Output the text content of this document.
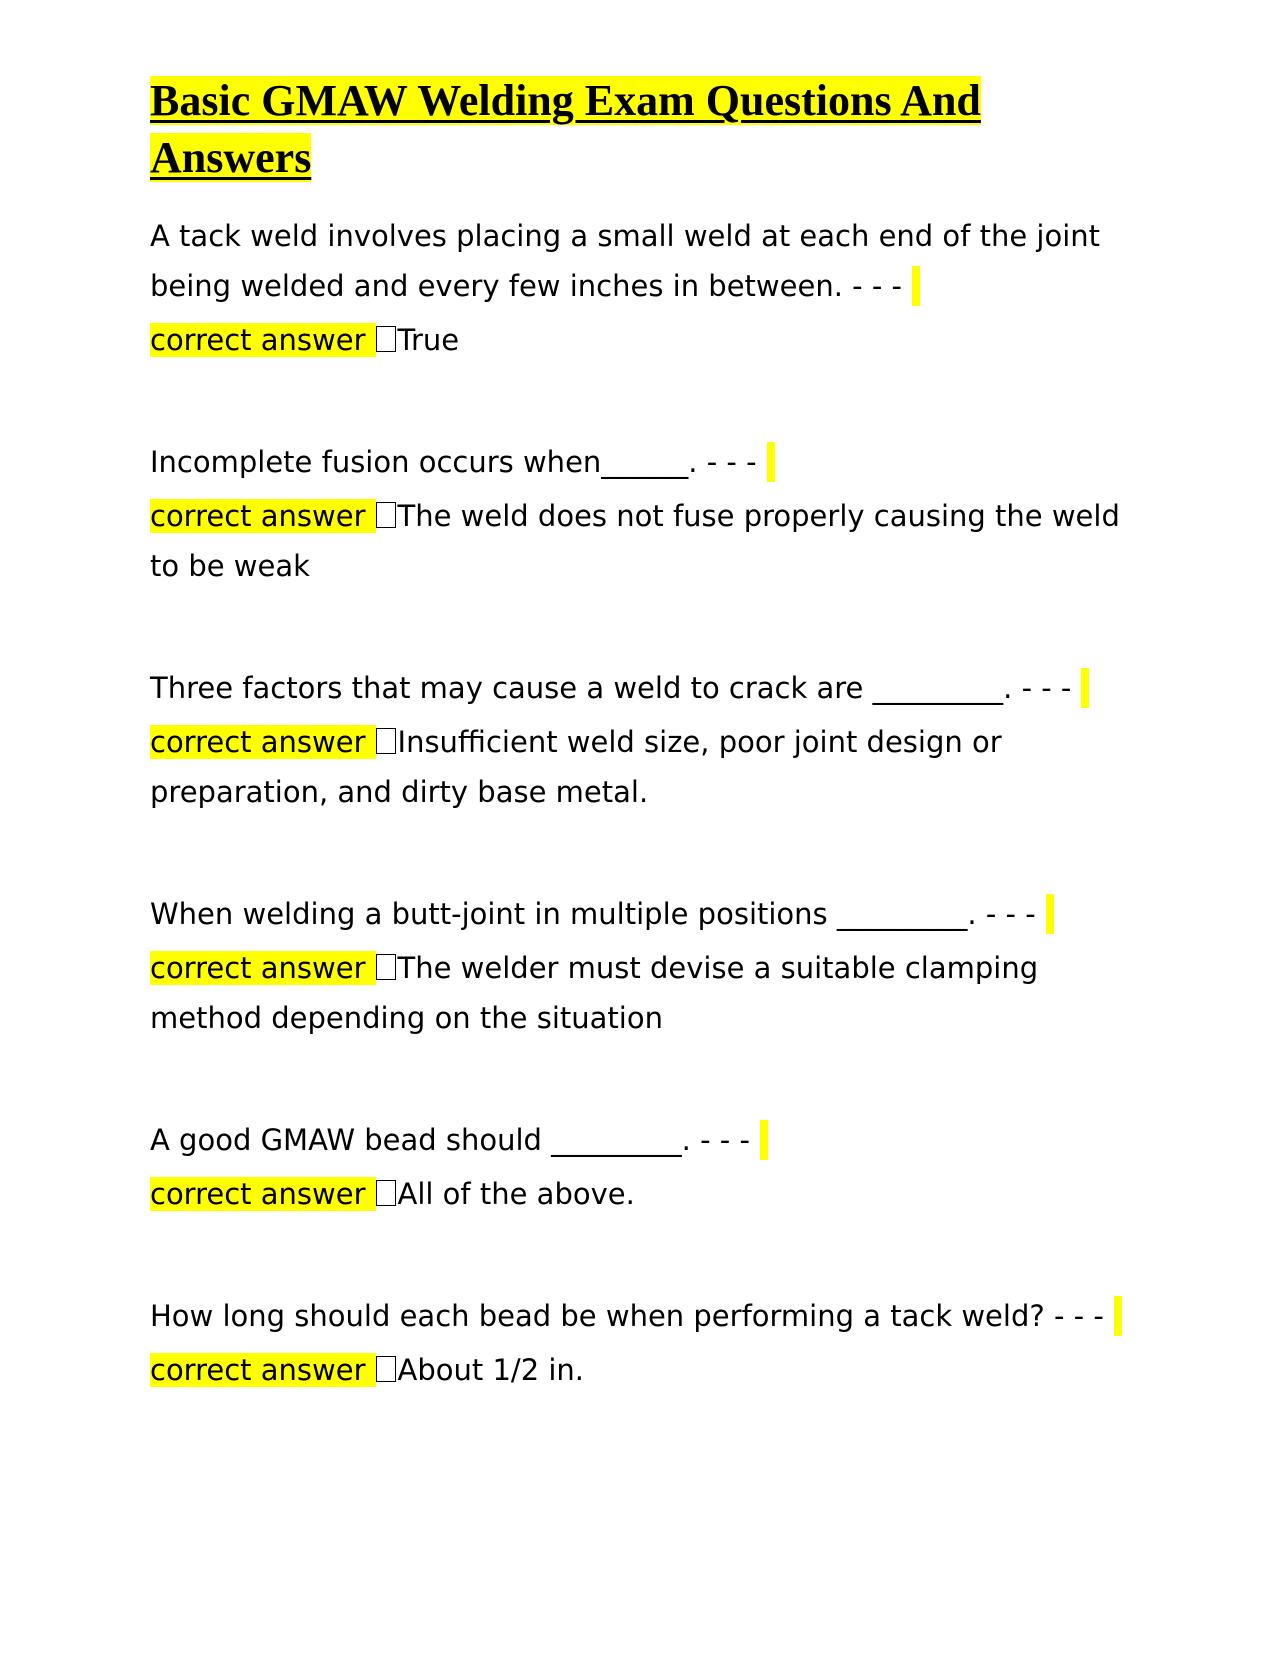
Basic GMAW Welding Exam Questions And Answers

A tack weld involves placing a small weld at each end of the joint being welded and every few inches in between. - - -

correct answer True

Incomplete fusion occurs when______. - - -

correct answer The weld does not fuse properly causing the weld to be weak

Three factors that may cause a weld to crack are _________. - - -

correct answer Insufficient weld size, poor joint design or preparation, and dirty base metal.

When welding a butt-joint in multiple positions _________. - - -

correct answer The welder must devise a suitable clamping method depending on the situation

A good GMAW bead should _________. - - -

correct answer All of the above.

How long should each bead be when performing a tack weld? - - -

correct answer About 1/2 in.
